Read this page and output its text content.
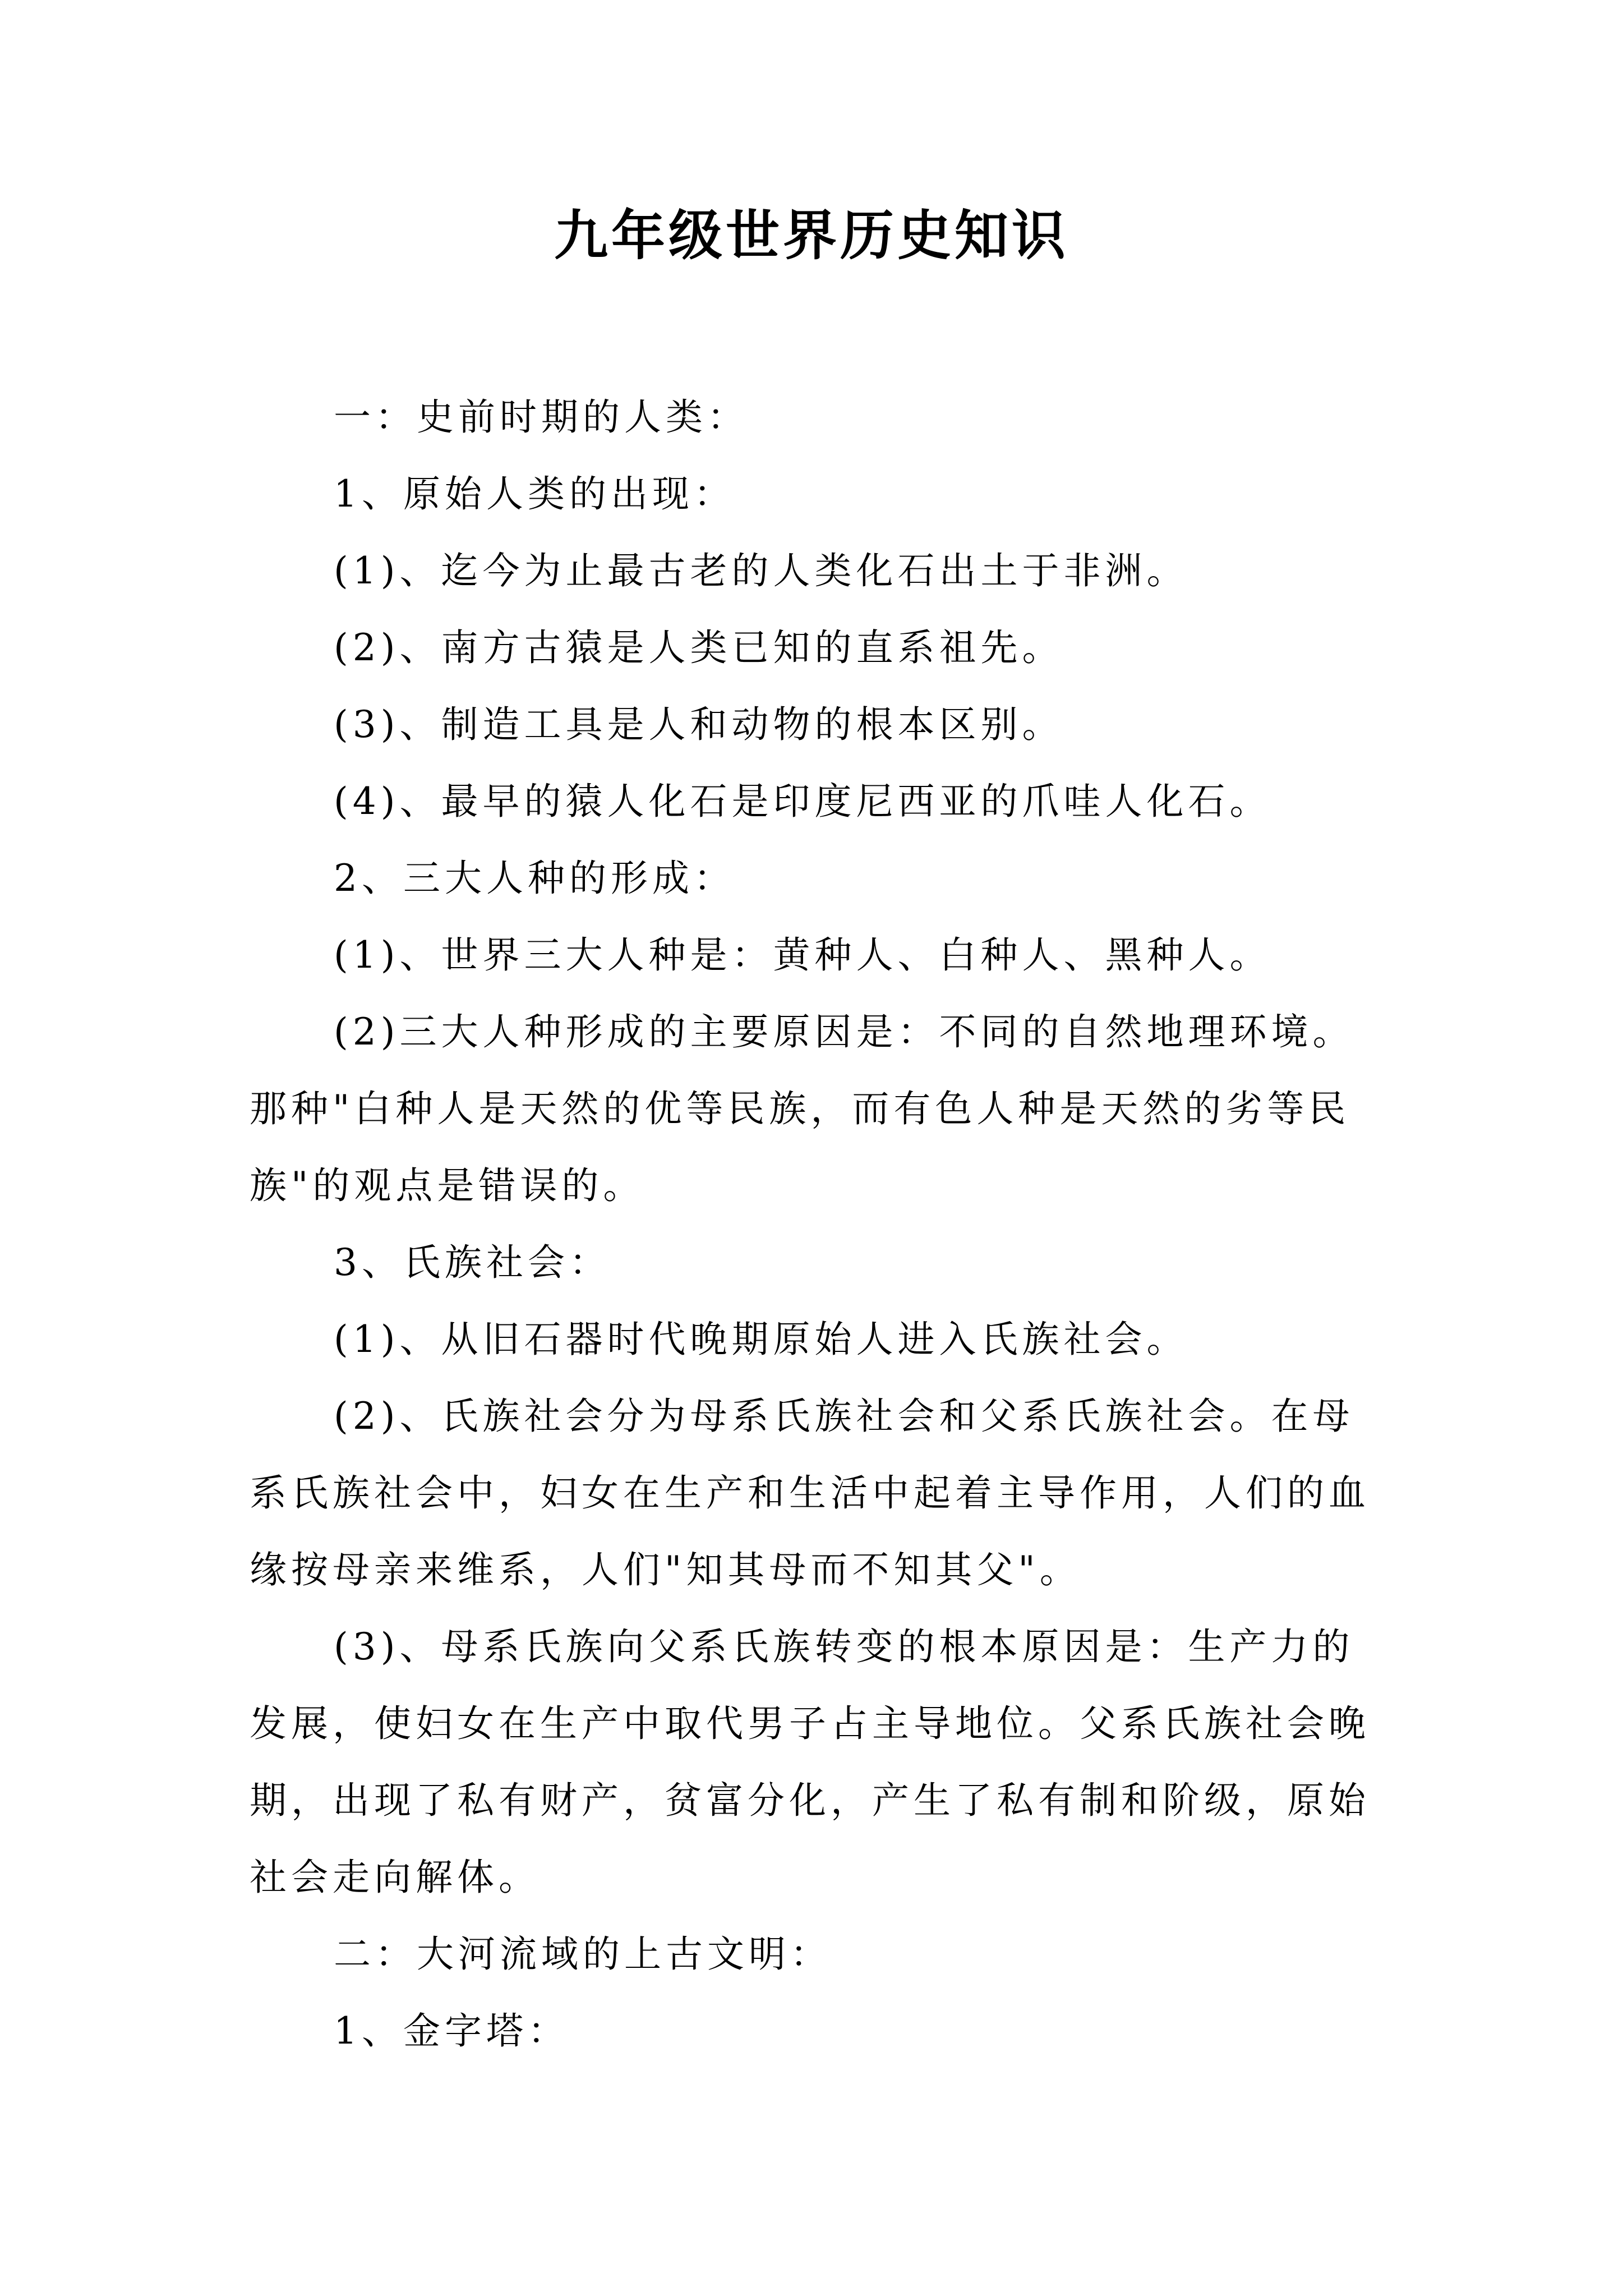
九年级世界历史知识

一：史前时期的人类：

1、原始人类的出现：

(1)、迄今为止最古老的人类化石出土于非洲。

(2)、南方古猿是人类已知的直系祖先。

(3)、制造工具是人和动物的根本区别。

(4)、最早的猿人化石是印度尼西亚的爪哇人化石。

2、三大人种的形成：

(1)、世界三大人种是：黄种人、白种人、黑种人。

(2)三大人种形成的主要原因是：不同的自然地理环境。那种"白种人是天然的优等民族，而有色人种是天然的劣等民族"的观点是错误的。

3、氏族社会：

(1)、从旧石器时代晚期原始人进入氏族社会。

(2)、氏族社会分为母系氏族社会和父系氏族社会。在母系氏族社会中，妇女在生产和生活中起着主导作用，人们的血缘按母亲来维系，人们"知其母而不知其父"。

(3)、母系氏族向父系氏族转变的根本原因是：生产力的发展，使妇女在生产中取代男子占主导地位。父系氏族社会晚期，出现了私有财产，贫富分化，产生了私有制和阶级，原始社会走向解体。

二：大河流域的上古文明：

1、金字塔：
